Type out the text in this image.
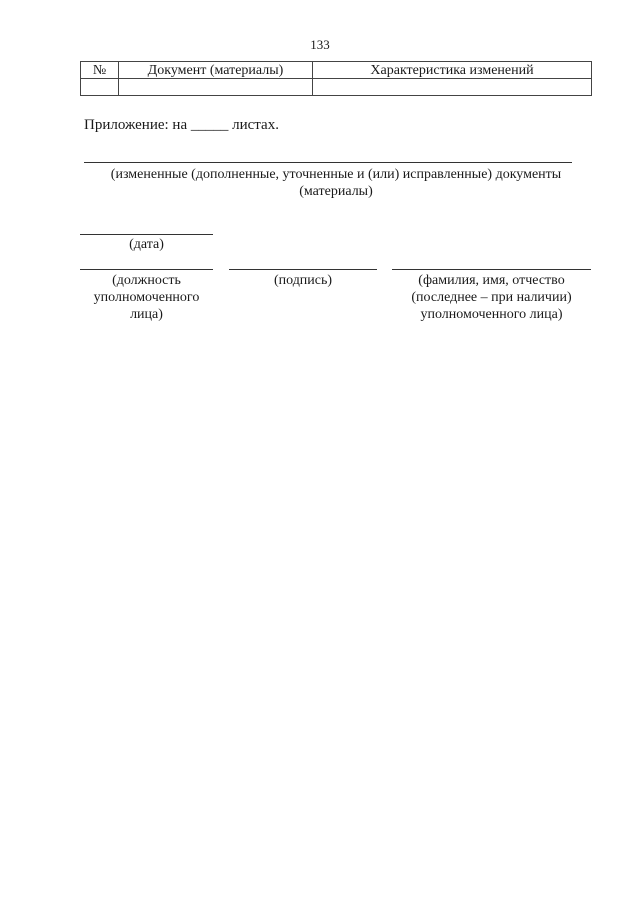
133
№	Документ (материалы)	Характеристика изменений

Приложение: на _____ листах.
(измененные (дополненные, уточненные и (или) исправленные) документы
(материалы)
(дата)
(должность
уполномоченного
лица)
(подпись)	(фамилия, имя, отчество
(последнее – при наличии)
уполномоченного лица)
